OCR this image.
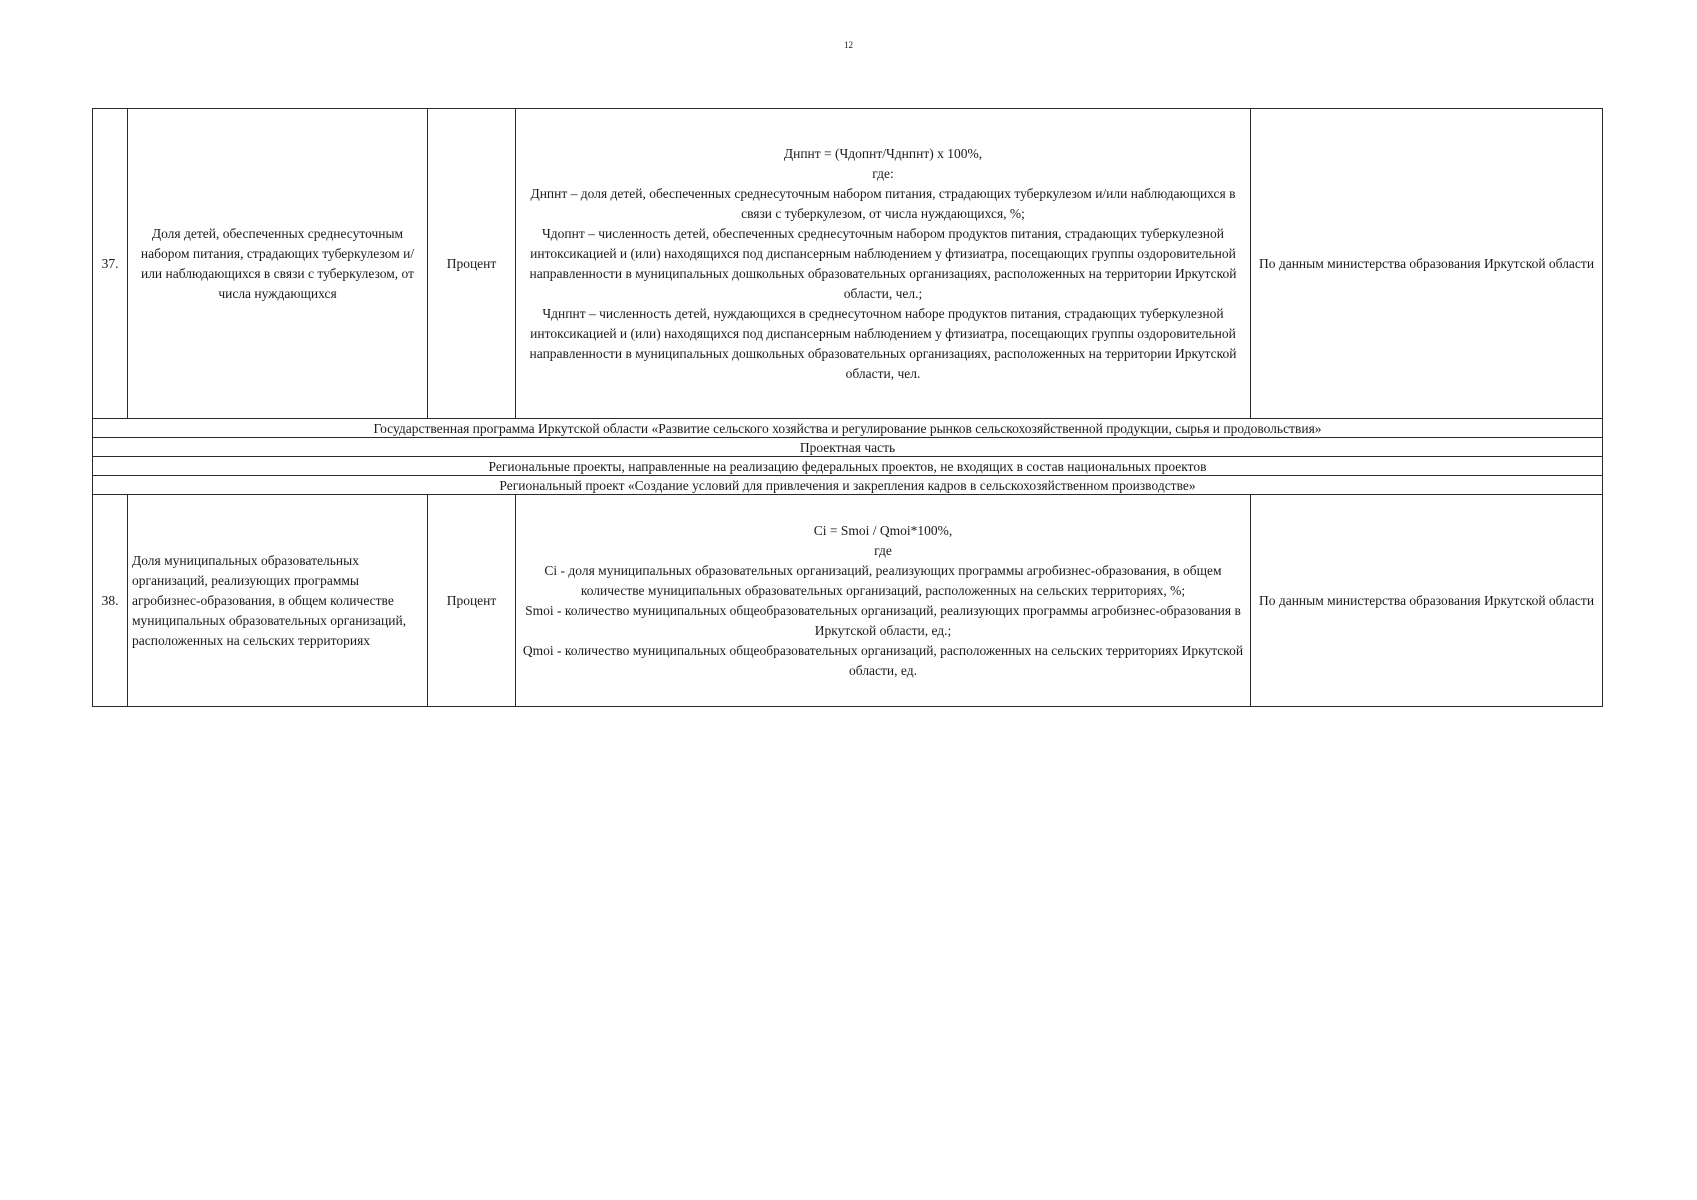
12
37.	Доля детей, обеспеченных среднесуточным набором питания, страдающих туберкулезом и/или наблюдающихся в связи с туберкулезом, от числа нуждающихся	Процент	Днпнт = (Чдопнт/Чднпнт) х 100%,
где:
Днпнт – доля детей, обеспеченных среднесуточным набором питания, страдающих туберкулезом и/или наблюдающихся в связи с туберкулезом, от числа нуждающихся, %;
Чдопнт – численность детей, обеспеченных среднесуточным набором продуктов питания, страдающих туберкулезной интоксикацией и (или) находящихся под диспансерным наблюдением у фтизиатра, посещающих группы оздоровительной направленности в муниципальных дошкольных образовательных организациях, расположенных на территории Иркутской области, чел.;
Чднпнт – численность детей, нуждающихся в среднесуточном наборе продуктов питания, страдающих туберкулезной интоксикацией и (или) находящихся под диспансерным наблюдением у фтизиатра, посещающих группы оздоровительной направленности в муниципальных дошкольных образовательных организациях, расположенных на территории Иркутской области, чел.	По данным министерства образования Иркутской области
Государственная программа Иркутской области «Развитие сельского хозяйства и регулирование рынков сельскохозяйственной продукции, сырья и продовольствия»				
Проектная часть				
Региональные проекты, направленные на реализацию федеральных проектов, не входящих в состав национальных проектов				
Региональный проект «Создание условий для привлечения и закрепления кадров в сельскохозяйственном производстве»				
38.	Доля муниципальных образовательных организаций, реализующих программы агробизнес-образования, в общем количестве муниципальных образовательных организаций, расположенных на сельских территориях	Процент	Ci = Smoi / Qmoi*100%,
где
Ci - доля муниципальных образовательных организаций, реализующих программы агробизнес-образования, в общем количестве муниципальных образовательных организаций, расположенных на сельских территориях, %;
Smoi - количество муниципальных общеобразовательных организаций, реализующих программы агробизнес-образования в Иркутской области, ед.;
Qmoi - количество муниципальных общеобразовательных организаций, расположенных на сельских территориях Иркутской области, ед.	По данным министерства образования Иркутской области
